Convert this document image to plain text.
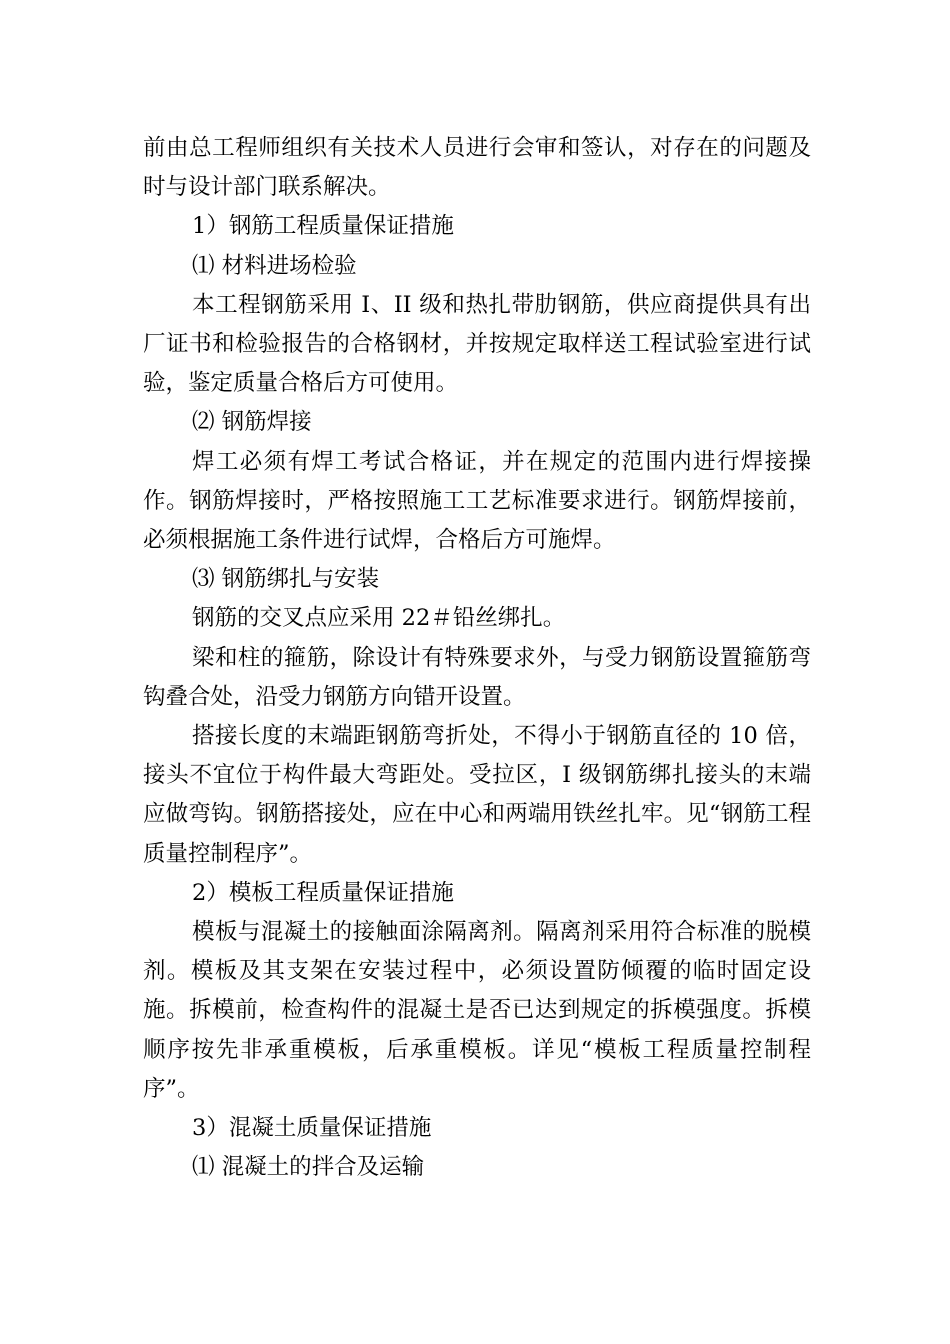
前由总工程师组织有关技术人员进行会审和签认，对存在的问题及时与设计部门联系解决。

1）钢筋工程质量保证措施

⑴ 材料进场检验

本工程钢筋采用 I、II 级和热扎带肋钢筋，供应商提供具有出厂证书和检验报告的合格钢材，并按规定取样送工程试验室进行试验，鉴定质量合格后方可使用。

⑵ 钢筋焊接

焊工必须有焊工考试合格证，并在规定的范围内进行焊接操作。钢筋焊接时，严格按照施工工艺标准要求进行。钢筋焊接前，必须根据施工条件进行试焊，合格后方可施焊。

⑶ 钢筋绑扎与安装

钢筋的交叉点应采用 22＃铅丝绑扎。

梁和柱的箍筋，除设计有特殊要求外，与受力钢筋设置箍筋弯钩叠合处，沿受力钢筋方向错开设置。

搭接长度的末端距钢筋弯折处，不得小于钢筋直径的 10 倍，接头不宜位于构件最大弯距处。受拉区，I 级钢筋绑扎接头的末端应做弯钩。钢筋搭接处，应在中心和两端用铁丝扎牢。见“钢筋工程质量控制程序”。

2）模板工程质量保证措施

模板与混凝土的接触面涂隔离剂。隔离剂采用符合标准的脱模剂。模板及其支架在安装过程中，必须设置防倾覆的临时固定设施。拆模前，检查构件的混凝土是否已达到规定的拆模强度。拆模顺序按先非承重模板，后承重模板。详见“模板工程质量控制程序”。

3）混凝土质量保证措施

⑴ 混凝土的拌合及运输
